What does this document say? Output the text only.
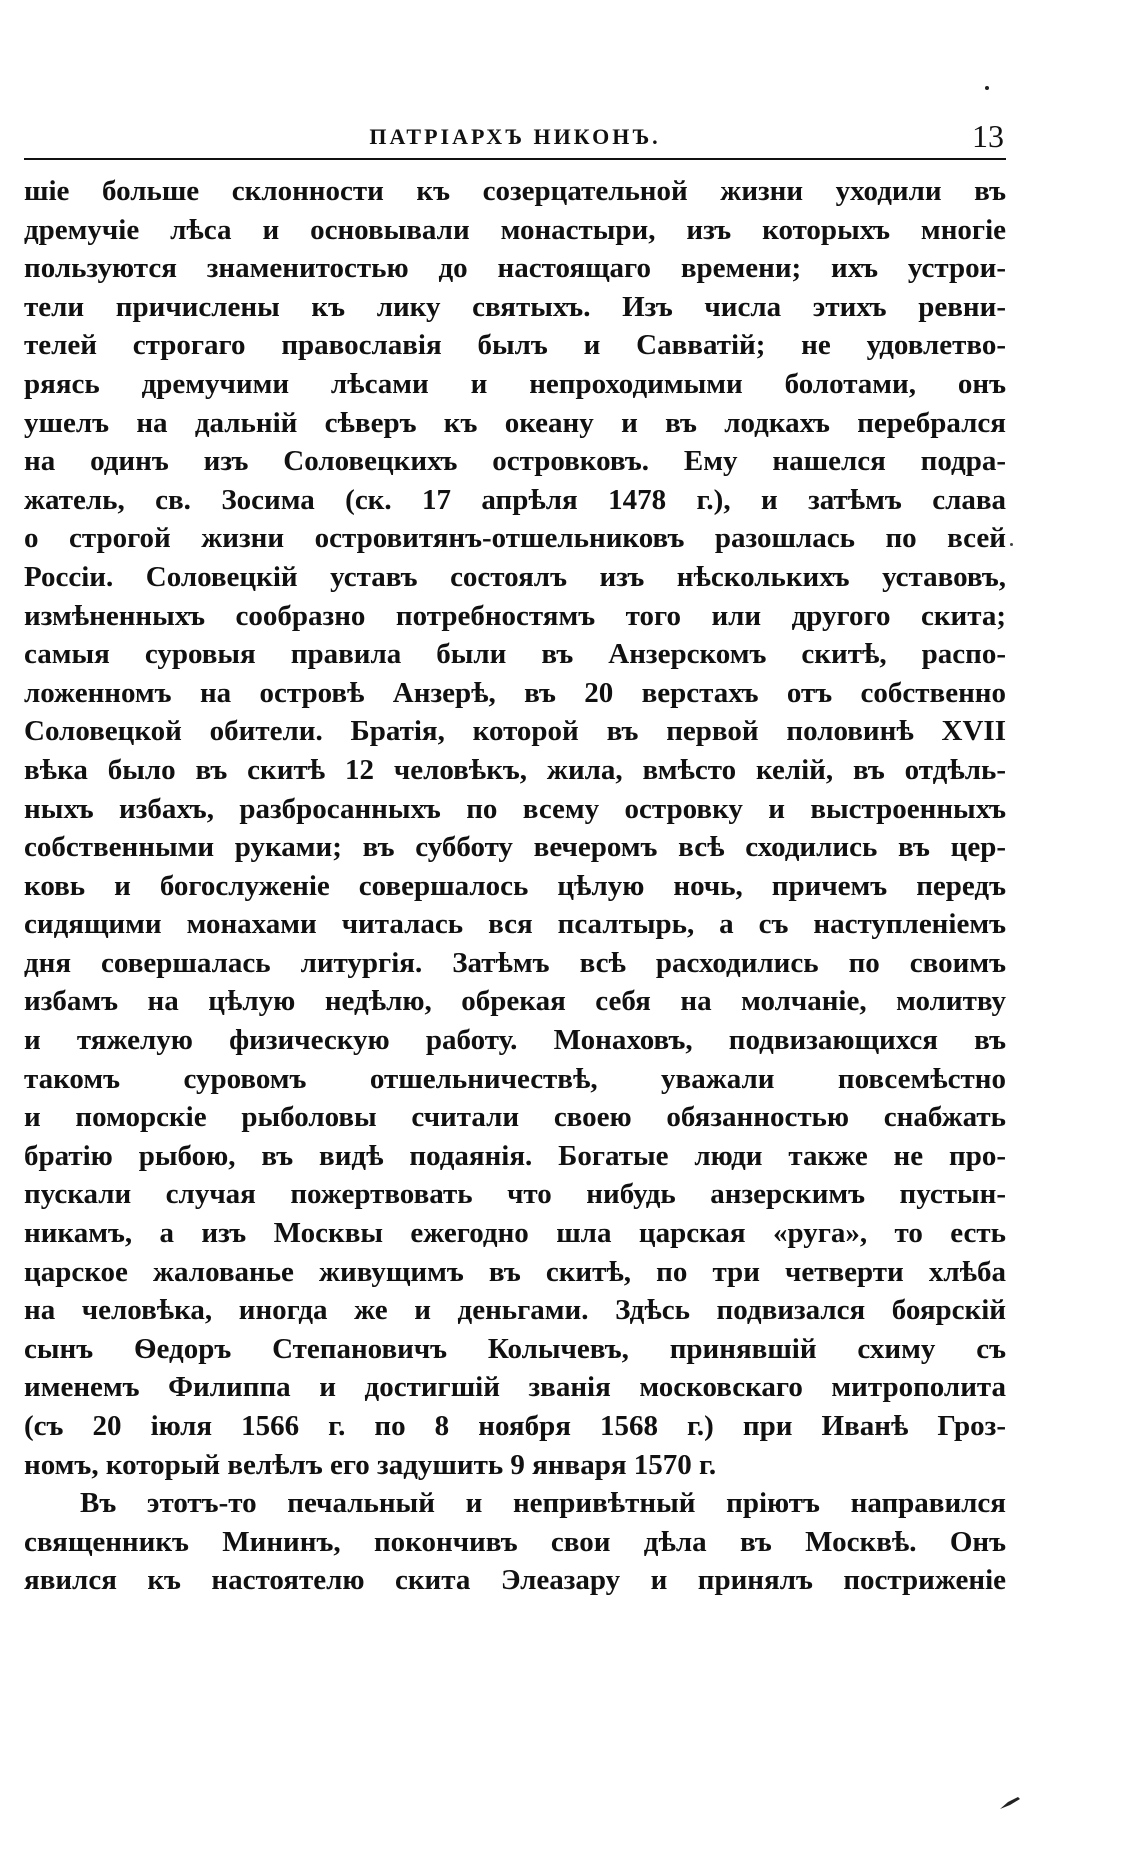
ПАТРІАРХЪ НИКОНЪ.	13
шіе больше склонности къ созерцательной жизни уходили въ
дремучіе лѣса и основывали монастыри, изъ которыхъ многіе
пользуются знаменитостью до настоящаго времени; ихъ устрои-
тели причислены къ лику святыхъ. Изъ числа этихъ ревни-
телей строгаго православія былъ и Савватій; не удовлетво-
ряясь дремучими лѣсами и непроходимыми болотами, онъ
ушелъ на дальній сѣверъ къ океану и въ лодкахъ перебрался
на одинъ изъ Соловецкихъ островковъ. Ему нашелся подра-
жатель, св. Зосима (ск. 17 апрѣля 1478 г.), и затѣмъ слава
о строгой жизни островитянъ-отшельниковъ разошлась по всей
Россіи. Соловецкій уставъ состоялъ изъ нѣсколькихъ уставовъ,
измѣненныхъ сообразно потребностямъ того или другого скита;
самыя суровыя правила были въ Анзерскомъ скитѣ, распо-
ложенномъ на островѣ Анзерѣ, въ 20 верстахъ отъ собственно
Соловецкой обители. Братія, которой въ первой половинѣ XVII
вѣка было въ скитѣ 12 человѣкъ, жила, вмѣсто келій, въ отдѣль-
ныхъ избахъ, разбросанныхъ по всему островку и выстроенныхъ
собственными руками; въ субботу вечеромъ всѣ сходились въ цер-
ковь и богослуженіе совершалось цѣлую ночь, причемъ передъ
сидящими монахами читалась вся псалтырь, а съ наступленіемъ
дня совершалась литургія. Затѣмъ всѣ расходились по своимъ
избамъ на цѣлую недѣлю, обрекая себя на молчаніе, молитву
и тяжелую физическую работу. Монаховъ, подвизающихся въ
такомъ суровомъ отшельничествѣ, уважали повсемѣстно
и поморскіе рыболовы считали своею обязанностью снабжать
братію рыбою, въ видѣ подаянія. Богатые люди также не про-
пускали случая пожертвовать что нибудь анзерскимъ пустын-
никамъ, а изъ Москвы ежегодно шла царская «руга», то есть
царское жалованье живущимъ въ скитѣ, по три четверти хлѣба
на человѣка, иногда же и деньгами. Здѣсь подвизался боярскій
сынъ Ѳедоръ Степановичъ Колычевъ, принявшій схиму съ
именемъ Филиппа и достигшій званія московскаго митрополита
(съ 20 іюля 1566 г. по 8 ноября 1568 г.) при Иванѣ Гроз-
номъ, который велѣлъ его задушить 9 января 1570 г.
Въ этотъ-то печальный и непривѣтный пріютъ направился
священникъ Мининъ, покончивъ свои дѣла въ Москвѣ. Онъ
явился къ настоятелю скита Элеазару и принялъ постриженіе
